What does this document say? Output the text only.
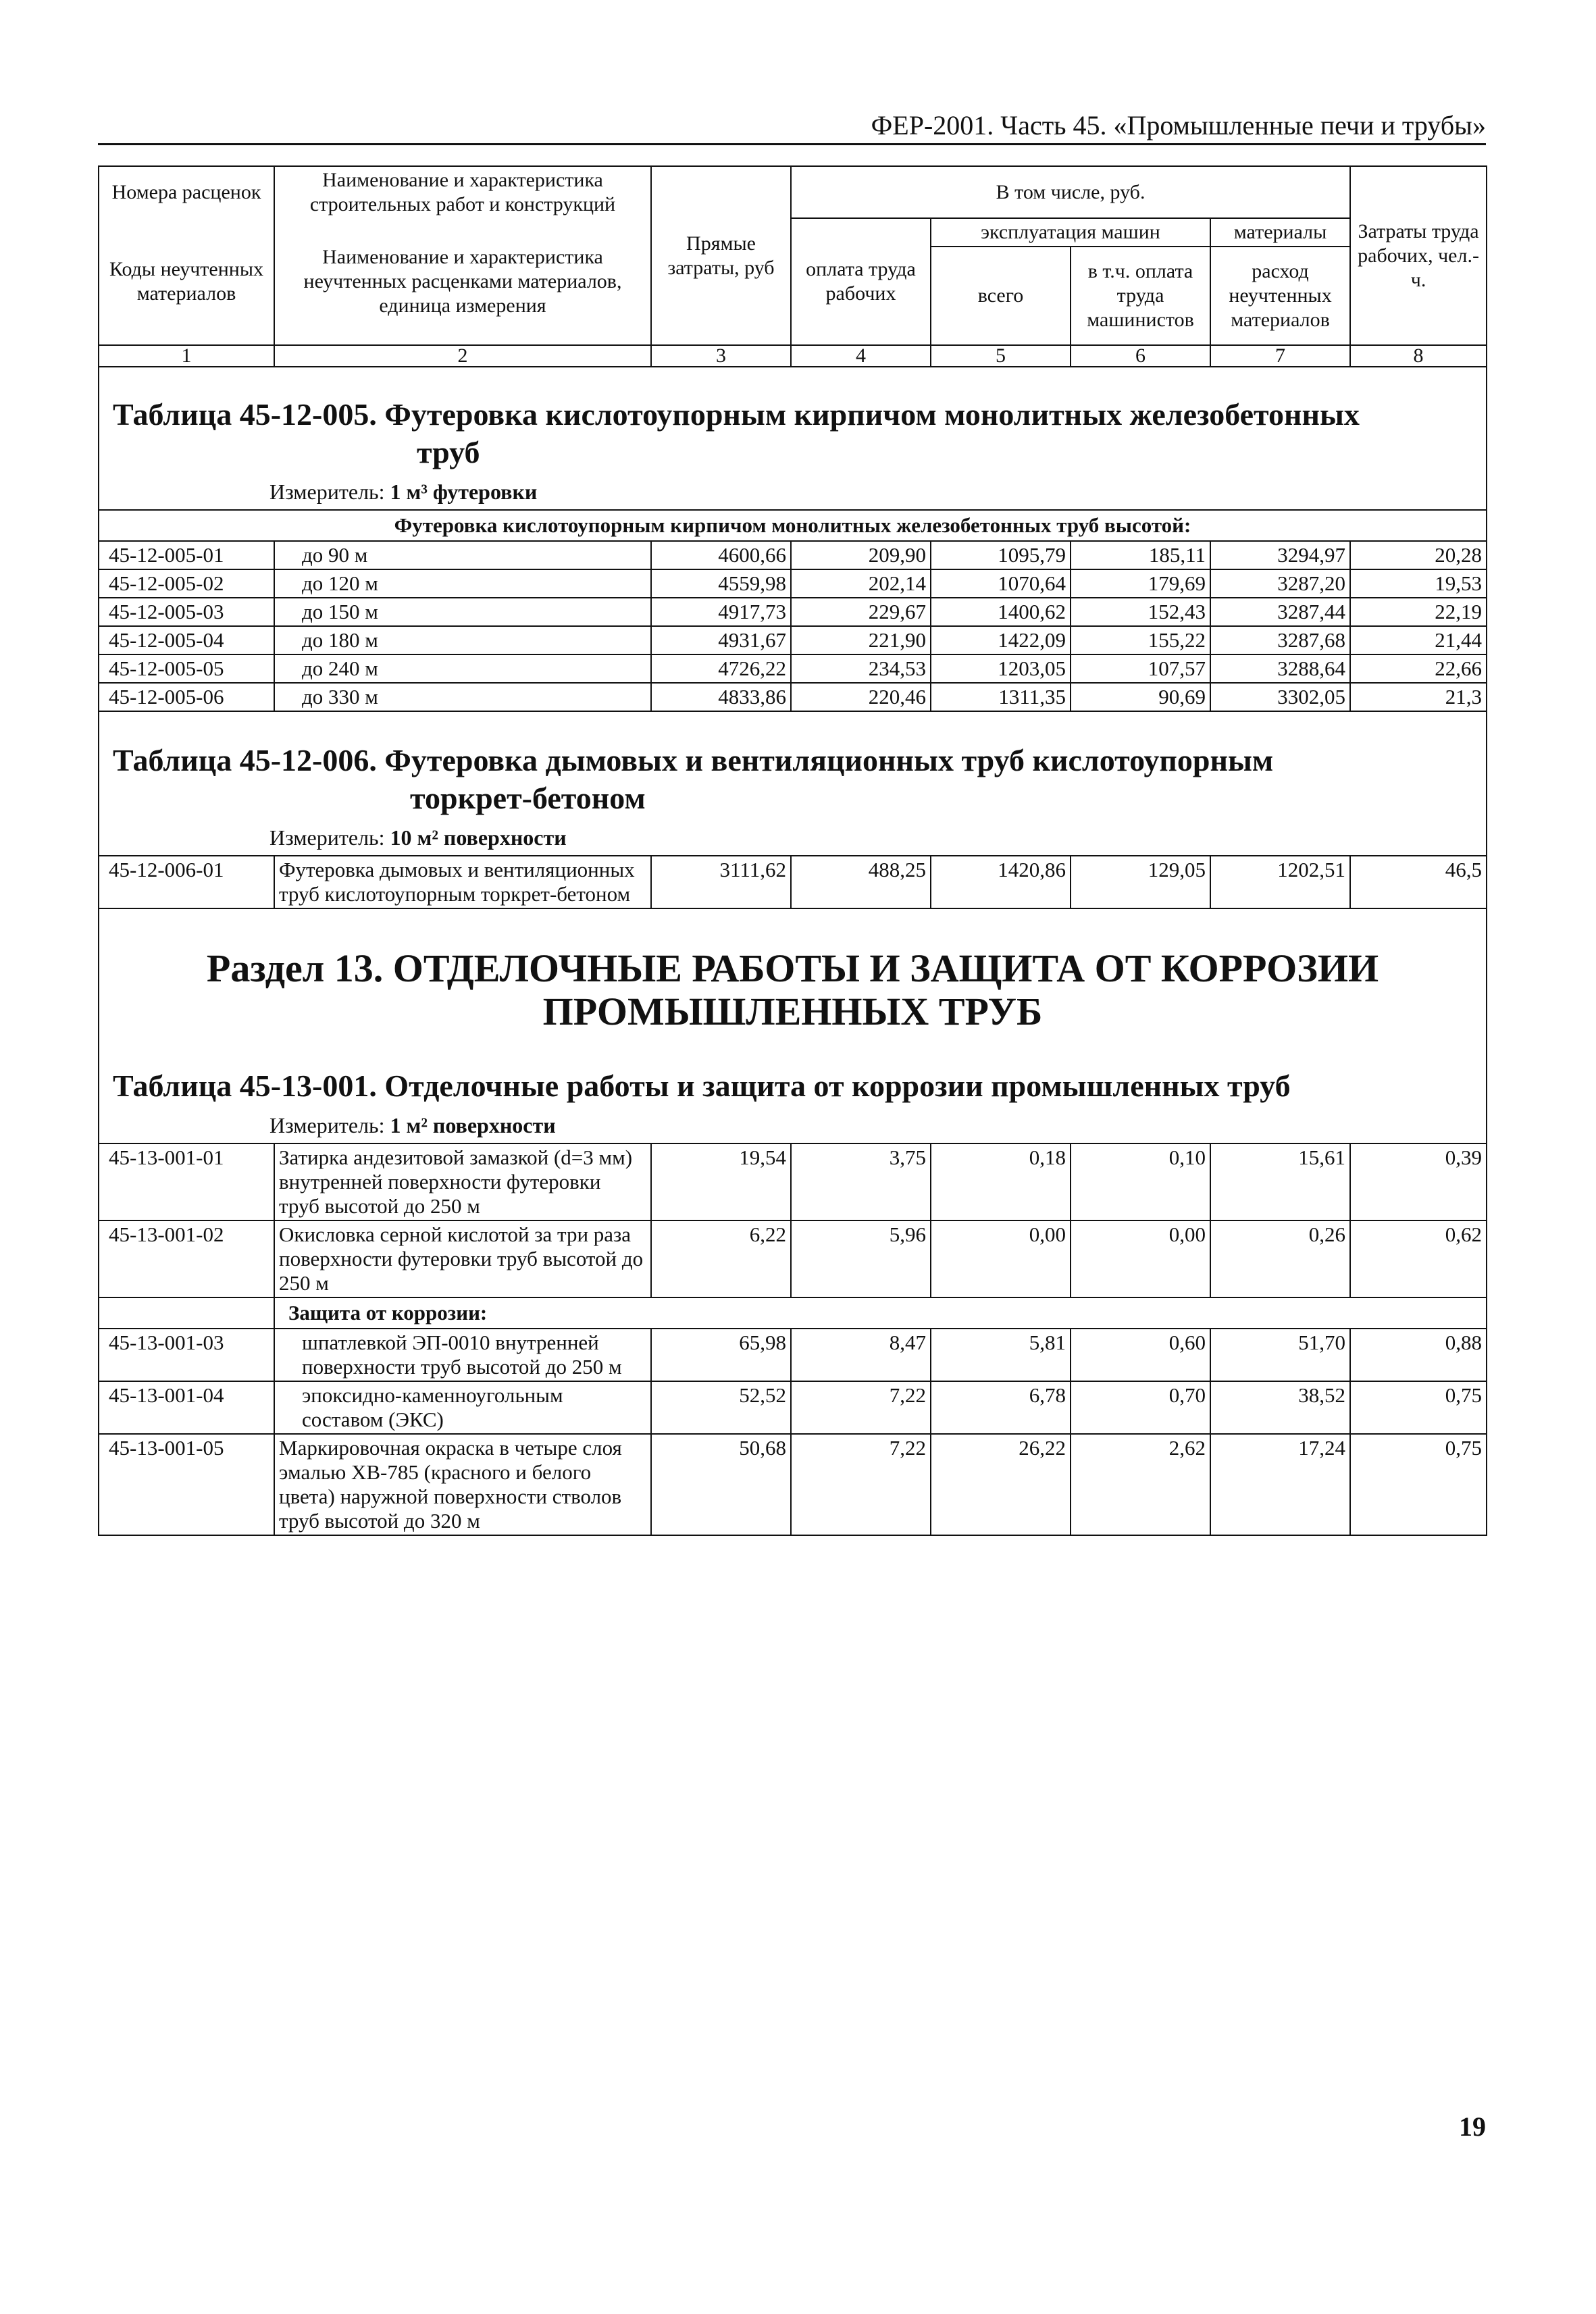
ФЕР-2001. Часть 45. «Промышленные печи и трубы»
Номера расценок	Наименование и характеристика строительных работ и конструкций	Прямые затраты, руб	В том числе, руб.				Затраты труда рабочих, чел.-ч.
Коды неучтенных материалов	Наименование и характеристика неучтенных расценками материалов, единица измерения		оплата труда рабочих	эксплуатация машин		материалы	
				всего	в т.ч. оплата труда машинистов	расход неучтенных материалов	
1	2	3	4	5	6	7	8
Таблица 45-12-005. Футеровка кислотоупорным кирпичом монолитных железобетонных
труб							

Измеритель: 1 м³ футеровки							
Футеровка кислотоупорным кирпичом монолитных железобетонных труб высотой:							
45-12-005-01	до 90 м	4600,66	209,90	1095,79	185,11	3294,97	20,28
45-12-005-02	до 120 м	4559,98	202,14	1070,64	179,69	3287,20	19,53
45-12-005-03	до 150 м	4917,73	229,67	1400,62	152,43	3287,44	22,19
45-12-005-04	до 180 м	4931,67	221,90	1422,09	155,22	3287,68	21,44
45-12-005-05	до 240 м	4726,22	234,53	1203,05	107,57	3288,64	22,66
45-12-005-06	до 330 м	4833,86	220,46	1311,35	90,69	3302,05	21,3
Таблица 45-12-006. Футеровка дымовых и вентиляционных труб кислотоупорным
торкрет-бетоном							

Измеритель: 10 м² поверхности							
45-12-006-01	Футеровка дымовых и вентиляционных труб кислотоупорным торкрет-бетоном	3111,62	488,25	1420,86	129,05	1202,51	46,5
Раздел 13. ОТДЕЛОЧНЫЕ РАБОТЫ И ЗАЩИТА ОТ КОРРОЗИИ
ПРОМЫШЛЕННЫХ ТРУБ							
Таблица 45-13-001. Отделочные работы и защита от коррозии промышленных труб							
Измеритель: 1 м² поверхности							
45-13-001-01	Затирка андезитовой замазкой (d=3 мм) внутренней поверхности футеровки труб высотой до 250 м	19,54	3,75	0,18	0,10	15,61	0,39
45-13-001-02	Окисловка серной кислотой за три раза поверхности футеровки труб высотой до 250 м	6,22	5,96	0,00	0,00	0,26	0,62
	Защита от коррозии:						
45-13-001-03	шпатлевкой ЭП-0010 внутренней поверхности труб высотой до 250 м	65,98	8,47	5,81	0,60	51,70	0,88
45-13-001-04	эпоксидно-каменноугольным составом (ЭКС)	52,52	7,22	6,78	0,70	38,52	0,75
45-13-001-05	Маркировочная окраска в четыре слоя эмалью ХВ-785 (красного и белого цвета) наружной поверхности стволов труб высотой до 320 м	50,68	7,22	26,22	2,62	17,24	0,75
19
